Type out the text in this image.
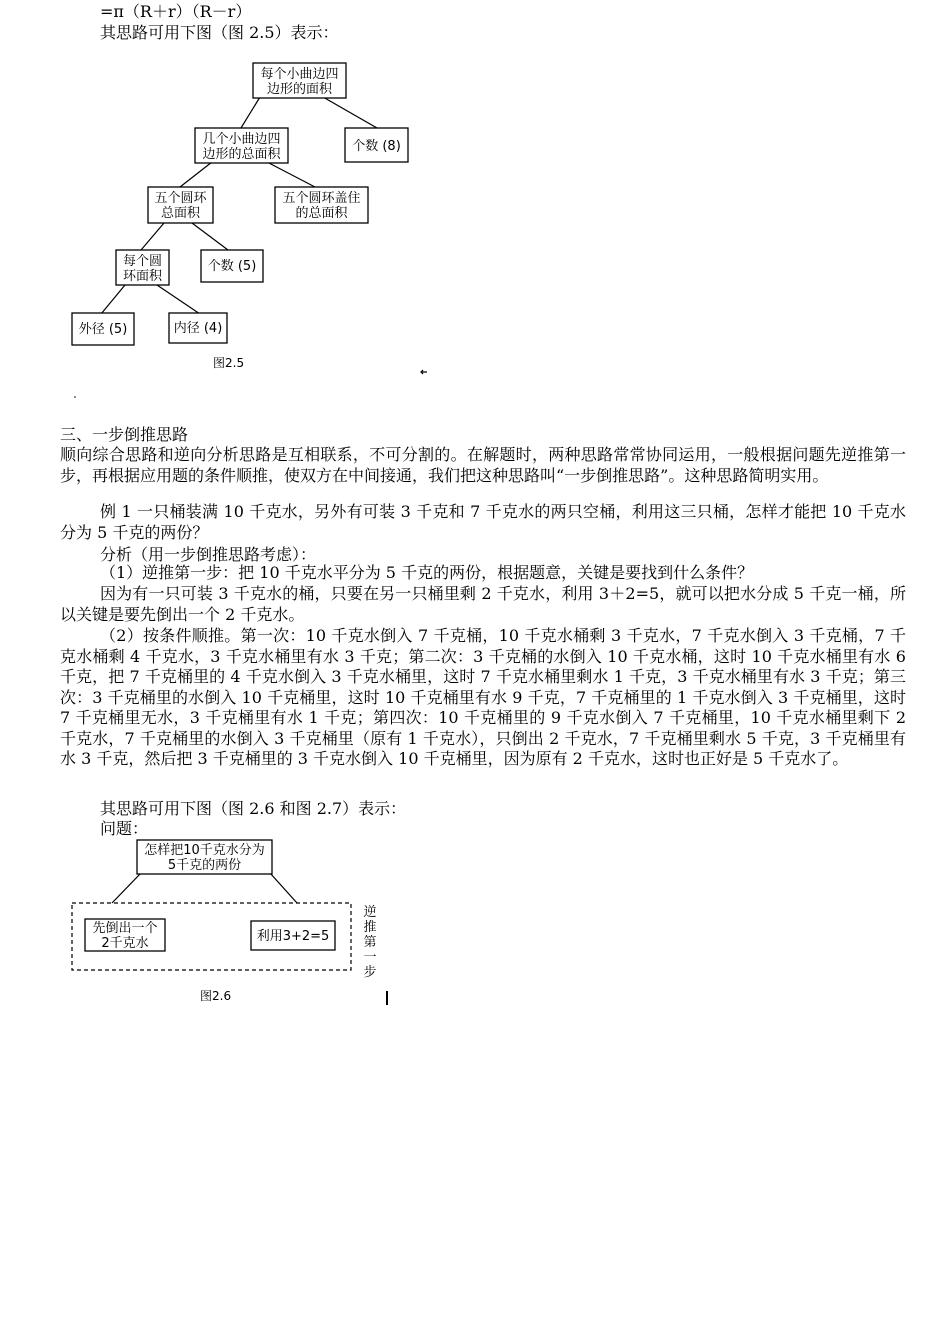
=π（R＋r）（R－r）

其思路可用下图（图 2.5）表示：

每个小曲边四
边形的面积
个数 (8)
几个小曲边四
边形的总面积
五个圆环
总面积
五个圆环盖住
的总面积
每个圆
环面积
个数 (5)
外径 (5)	内径 (4)
图2.5

三、一步倒推思路

顺向综合思路和逆向分析思路是互相联系，不可分割的。在解题时，两种思路常常协同运用，一般根据问题先逆推第一步，再根据应用题的条件顺推，使双方在中间接通，我们把这种思路叫“一步倒推思路”。这种思路简明实用。

例 1 一只桶装满 10 千克水，另外有可装 3 千克和 7 千克水的两只空桶，利用这三只桶，怎样才能把 10 千克水分为 5 千克的两份？

分析（用一步倒推思路考虑）：

（1）逆推第一步：把 10 千克水平分为 5 千克的两份，根据题意，关键是要找到什么条件？

因为有一只可装 3 千克水的桶，只要在另一只桶里剩 2 千克水，利用 3＋2=5，就可以把水分成 5 千克一桶，所以关键是要先倒出一个 2 千克水。

（2）按条件顺推。第一次：10 千克水倒入 7 千克桶，10 千克水桶剩 3 千克水，7 千克水倒入 3 千克桶，7 千克水桶剩 4 千克水，3 千克水桶里有水 3 千克；第二次：3 千克桶的水倒入 10 千克水桶，这时 10 千克水桶里有水 6 千克，把 7 千克桶里的 4 千克水倒入 3 千克水桶里，这时 7 千克水桶里剩水 1 千克，3 千克水桶里有水 3 千克；第三次：3 千克桶里的水倒入 10 千克桶里，这时 10 千克桶里有水 9 千克，7 千克桶里的 1 千克水倒入 3 千克桶里，这时 7 千克桶里无水，3 千克桶里有水 1 千克；第四次：10 千克桶里的 9 千克水倒入 7 千克桶里，10 千克水桶里剩下 2 千克水，7 千克桶里的水倒入 3 千克桶里（原有 1 千克水），只倒出 2 千克水，7 千克桶里剩水 5 千克，3 千克桶里有水 3 千克，然后把 3 千克桶里的 3 千克水倒入 10 千克桶里，因为原有 2 千克水，这时也正好是 5 千克水了。

其思路可用下图（图 2.6 和图 2.7）表示：

问题：

怎样把10千克水分为
5千克的两份
先倒出一个
2千克水	利用3+2=5
逆
推
第
一
步
图2.6
